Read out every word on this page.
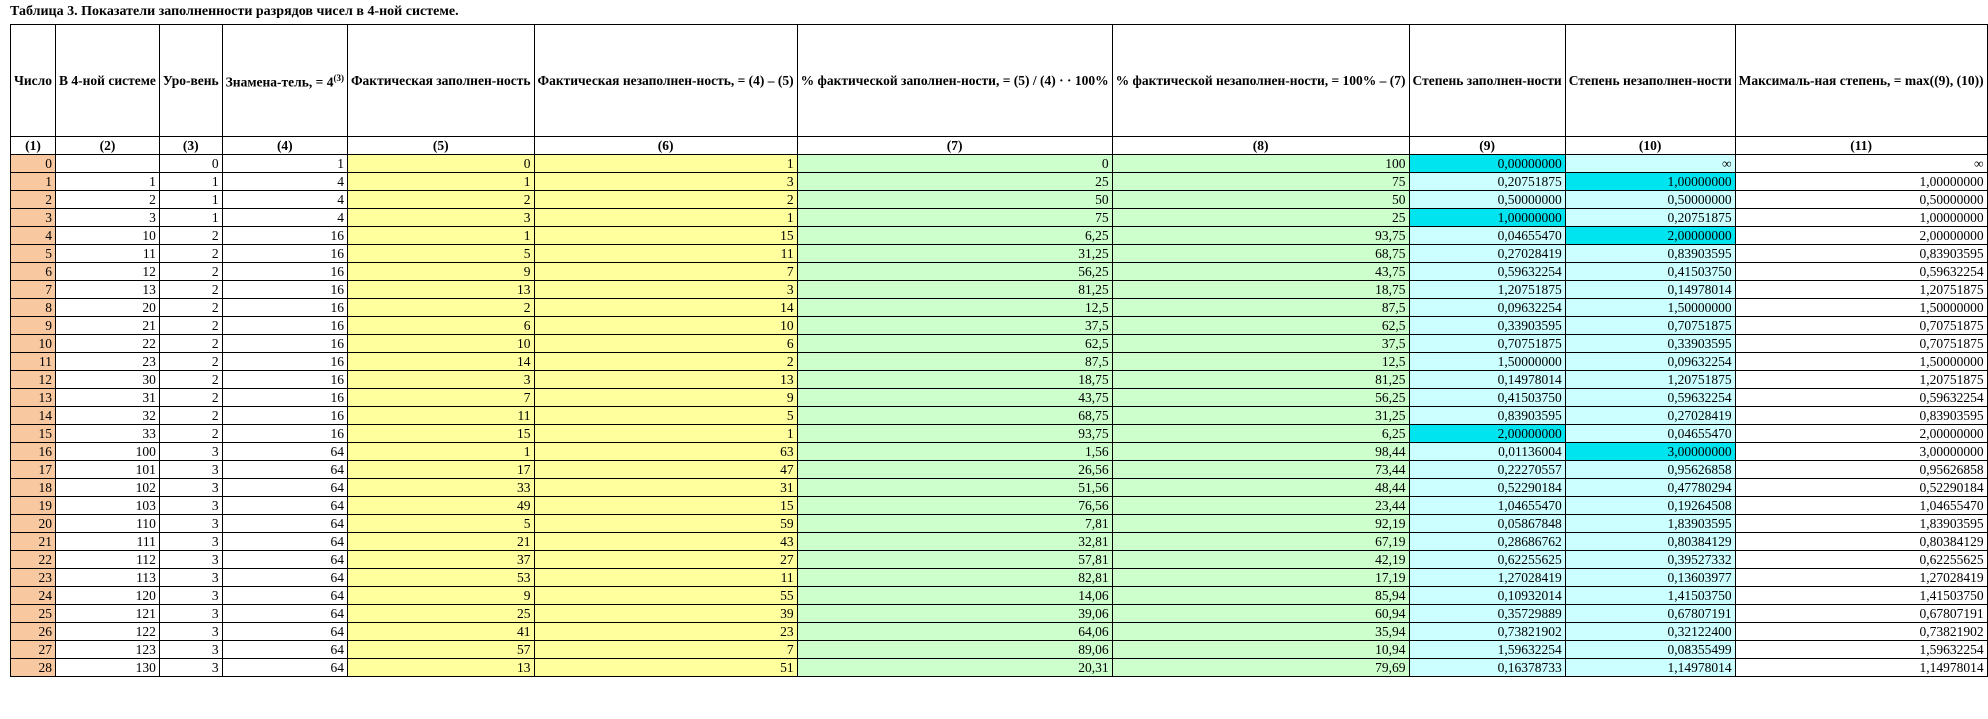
Таблица 3. Показатели заполненности разрядов чисел в 4-ной системе.
Число	В 4-ной системе	Уро-вень	Знамена-тель, = $4^{(3)}$	Фактическая заполнен-ность	Фактическая незаполнен-ность, = (4) – (5)	% фактической заполнен-ности, = (5) / (4) · · 100%	% фактической незаполнен-ности, = 100% – (7)	Степень заполнен-ности	Степень незаполнен-ности	Максималь-ная степень, = max((9), (10))
(1)	(2)	(3)	(4)	(5)	(6)	(7)	(8)	(9)	(10)	(11)
0		0	1	0	1	0	100	0,00000000	∞	∞
1	1	1	4	1	3	25	75	0,20751875	1,00000000	1,00000000
2	2	1	4	2	2	50	50	0,50000000	0,50000000	0,50000000
3	3	1	4	3	1	75	25	1,00000000	0,20751875	1,00000000
4	10	2	16	1	15	6,25	93,75	0,04655470	2,00000000	2,00000000
5	11	2	16	5	11	31,25	68,75	0,27028419	0,83903595	0,83903595
6	12	2	16	9	7	56,25	43,75	0,59632254	0,41503750	0,59632254
7	13	2	16	13	3	81,25	18,75	1,20751875	0,14978014	1,20751875
8	20	2	16	2	14	12,5	87,5	0,09632254	1,50000000	1,50000000
9	21	2	16	6	10	37,5	62,5	0,33903595	0,70751875	0,70751875
10	22	2	16	10	6	62,5	37,5	0,70751875	0,33903595	0,70751875
11	23	2	16	14	2	87,5	12,5	1,50000000	0,09632254	1,50000000
12	30	2	16	3	13	18,75	81,25	0,14978014	1,20751875	1,20751875
13	31	2	16	7	9	43,75	56,25	0,41503750	0,59632254	0,59632254
14	32	2	16	11	5	68,75	31,25	0,83903595	0,27028419	0,83903595
15	33	2	16	15	1	93,75	6,25	2,00000000	0,04655470	2,00000000
16	100	3	64	1	63	1,56	98,44	0,01136004	3,00000000	3,00000000
17	101	3	64	17	47	26,56	73,44	0,22270557	0,95626858	0,95626858
18	102	3	64	33	31	51,56	48,44	0,52290184	0,47780294	0,52290184
19	103	3	64	49	15	76,56	23,44	1,04655470	0,19264508	1,04655470
20	110	3	64	5	59	7,81	92,19	0,05867848	1,83903595	1,83903595
21	111	3	64	21	43	32,81	67,19	0,28686762	0,80384129	0,80384129
22	112	3	64	37	27	57,81	42,19	0,62255625	0,39527332	0,62255625
23	113	3	64	53	11	82,81	17,19	1,27028419	0,13603977	1,27028419
24	120	3	64	9	55	14,06	85,94	0,10932014	1,41503750	1,41503750
25	121	3	64	25	39	39,06	60,94	0,35729889	0,67807191	0,67807191
26	122	3	64	41	23	64,06	35,94	0,73821902	0,32122400	0,73821902
27	123	3	64	57	7	89,06	10,94	1,59632254	0,08355499	1,59632254
28	130	3	64	13	51	20,31	79,69	0,16378733	1,14978014	1,14978014
